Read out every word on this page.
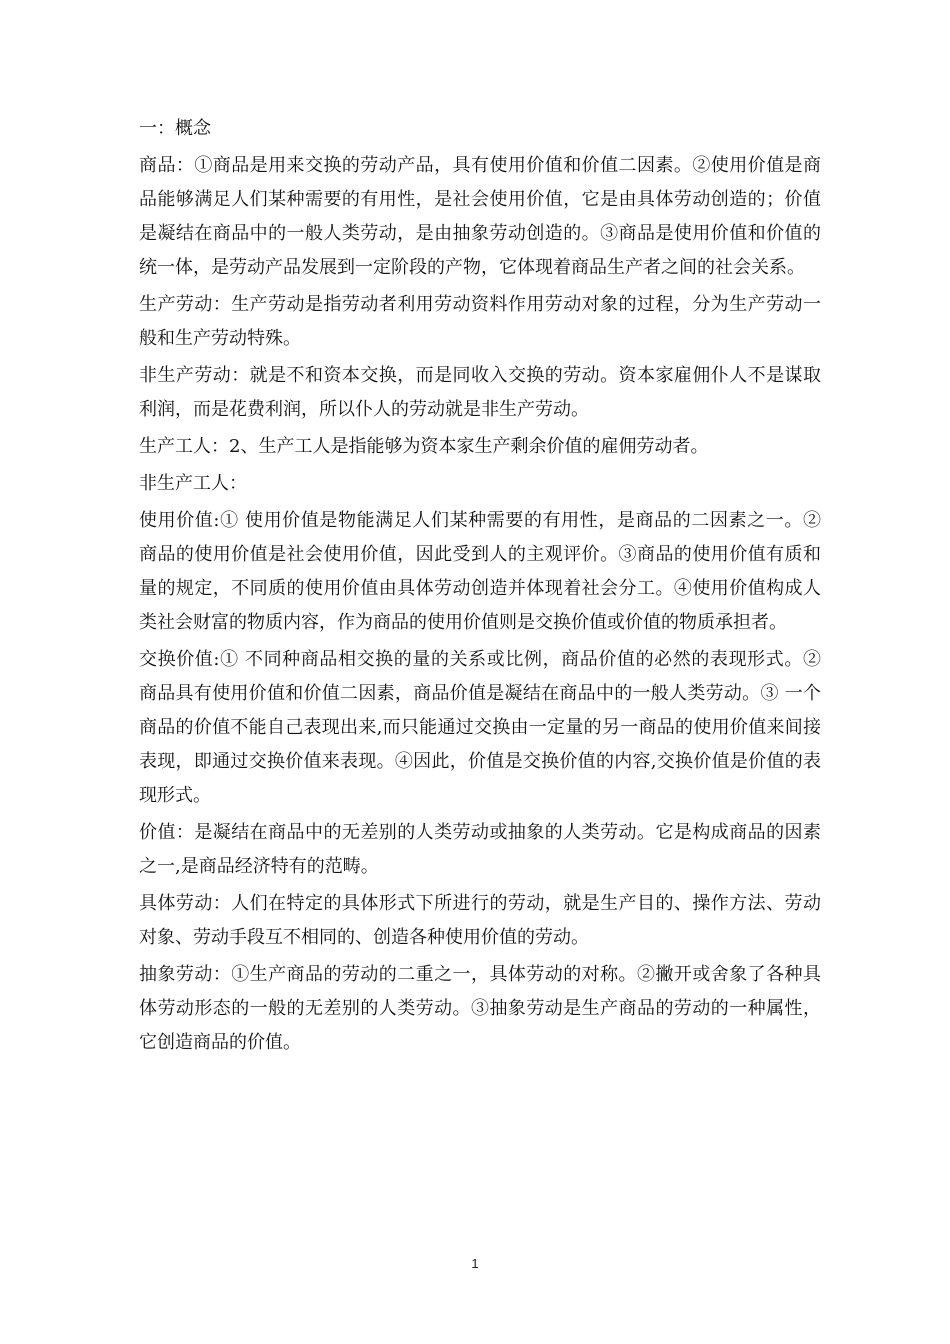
一：概念

商品：①商品是用来交换的劳动产品，具有使用价值和价值二因素。②使用价值是商品能够满足人们某种需要的有用性，是社会使用价值，它是由具体劳动创造的；价值是凝结在商品中的一般人类劳动，是由抽象劳动创造的。③商品是使用价值和价值的统一体，是劳动产品发展到一定阶段的产物，它体现着商品生产者之间的社会关系。

生产劳动：生产劳动是指劳动者利用劳动资料作用劳动对象的过程，分为生产劳动一般和生产劳动特殊。

非生产劳动：就是不和资本交换，而是同收入交换的劳动。资本家雇佣仆人不是谋取利润，而是花费利润，所以仆人的劳动就是非生产劳动。

生产工人：2、生产工人是指能够为资本家生产剩余价值的雇佣劳动者。

非生产工人：

使用价值:① 使用价值是物能满足人们某种需要的有用性，是商品的二因素之一。② 商品的使用价值是社会使用价值，因此受到人的主观评价。③商品的使用价值有质和量的规定，不同质的使用价值由具体劳动创造并体现着社会分工。④使用价值构成人类社会财富的物质内容，作为商品的使用价值则是交换价值或价值的物质承担者。

交换价值:① 不同种商品相交换的量的关系或比例，商品价值的必然的表现形式。② 商品具有使用价值和价值二因素，商品价值是凝结在商品中的一般人类劳动。③ 一个商品的价值不能自己表现出来,而只能通过交换由一定量的另一商品的使用价值来间接表现，即通过交换价值来表现。④因此，价值是交换价值的内容,交换价值是价值的表现形式。

价值：是凝结在商品中的无差别的人类劳动或抽象的人类劳动。它是构成商品的因素之一,是商品经济特有的范畴。

具体劳动：人们在特定的具体形式下所进行的劳动，就是生产目的、操作方法、劳动对象、劳动手段互不相同的、创造各种使用价值的劳动。

抽象劳动：①生产商品的劳动的二重之一，具体劳动的对称。②撇开或舍象了各种具体劳动形态的一般的无差别的人类劳动。③抽象劳动是生产商品的劳动的一种属性，它创造商品的价值。

1
